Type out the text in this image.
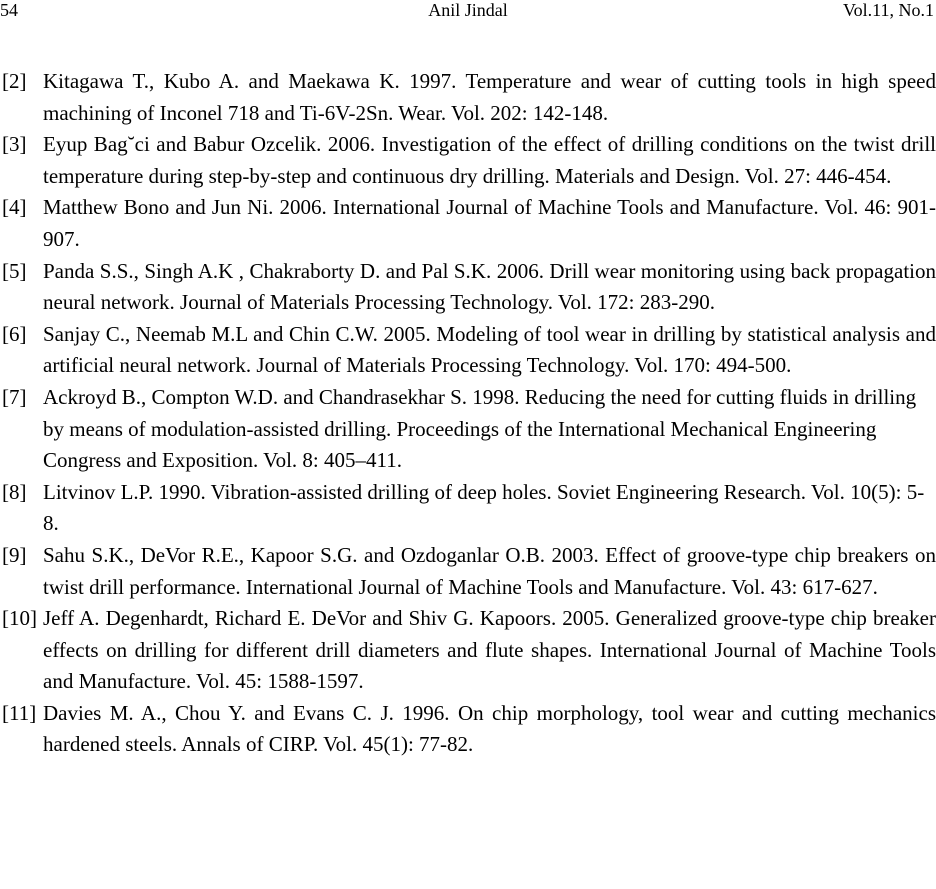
54	Anil Jindal	Vol.11, No.1
[2] Kitagawa T., Kubo A. and Maekawa K. 1997. Temperature and wear of cutting tools in high speed machining of Inconel 718 and Ti-6V-2Sn. Wear. Vol. 202: 142-148.
[3] Eyup Bag˘ci and Babur Ozcelik. 2006. Investigation of the effect of drilling conditions on the twist drill temperature during step-by-step and continuous dry drilling. Materials and Design. Vol. 27: 446-454.
[4] Matthew Bono and Jun Ni. 2006. International Journal of Machine Tools and Manufacture. Vol. 46: 901-907.
[5] Panda S.S., Singh A.K , Chakraborty D. and Pal S.K. 2006. Drill wear monitoring using back propagation neural network. Journal of Materials Processing Technology. Vol. 172: 283-290.
[6] Sanjay C., Neemab M.L and Chin C.W. 2005. Modeling of tool wear in drilling by statistical analysis and artificial neural network. Journal of Materials Processing Technology. Vol. 170: 494-500.
[7] Ackroyd B., Compton W.D. and Chandrasekhar S. 1998. Reducing the need for cutting fluids in drilling by means of modulation-assisted drilling. Proceedings of the International Mechanical Engineering Congress and Exposition. Vol. 8: 405–411.
[8] Litvinov L.P. 1990. Vibration-assisted drilling of deep holes. Soviet Engineering Research. Vol. 10(5): 5-8.
[9] Sahu S.K., DeVor R.E., Kapoor S.G. and Ozdoganlar O.B. 2003. Effect of groove-type chip breakers on twist drill performance. International Journal of Machine Tools and Manufacture. Vol. 43: 617-627.
[10] Jeff A. Degenhardt, Richard E. DeVor and Shiv G. Kapoors. 2005. Generalized groove-type chip breaker effects on drilling for different drill diameters and flute shapes. International Journal of Machine Tools and Manufacture. Vol. 45: 1588-1597.
[11] Davies M. A., Chou Y. and Evans C. J. 1996. On chip morphology, tool wear and cutting mechanics hardened steels. Annals of CIRP. Vol. 45(1): 77-82.
